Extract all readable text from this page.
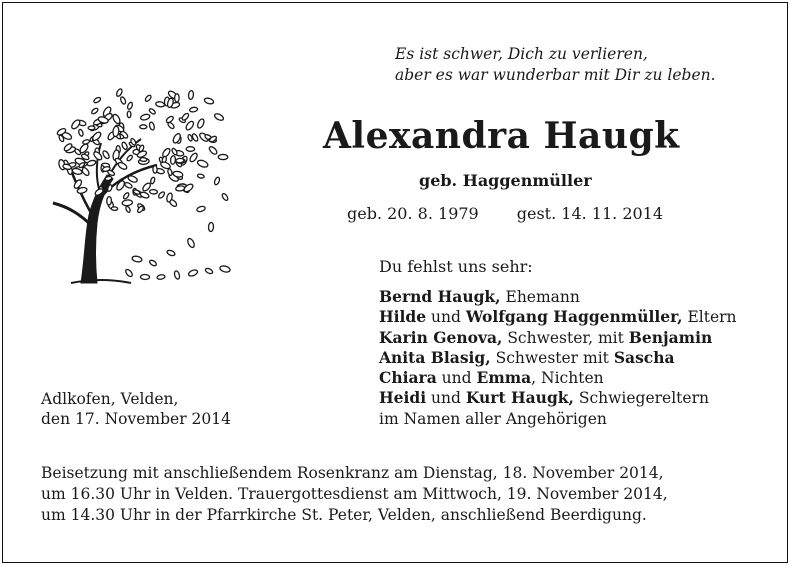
Es ist schwer, Dich zu verlieren,
aber es war wunderbar mit Dir zu leben.
Alexandra Haugk
geb. Haggenmüller
geb. 20. 8. 1979 gest. 14. 11. 2014
Du fehlst uns sehr:
Bernd Haugk, Ehemann
Hilde und Wolfgang Haggenmüller, Eltern
Karin Genova, Schwester, mit Benjamin
Anita Blasig, Schwester mit Sascha
Chiara und Emma, Nichten
Heidi und Kurt Haugk, Schwiegereltern
im Namen aller Angehörigen
Adlkofen, Velden,
den 17. November 2014
Beisetzung mit anschließendem Rosenkranz am Dienstag, 18. November 2014,
um 16.30 Uhr in Velden. Trauergottesdienst am Mittwoch, 19. November 2014,
um 14.30 Uhr in der Pfarrkirche St. Peter, Velden, anschließend Beerdigung.
